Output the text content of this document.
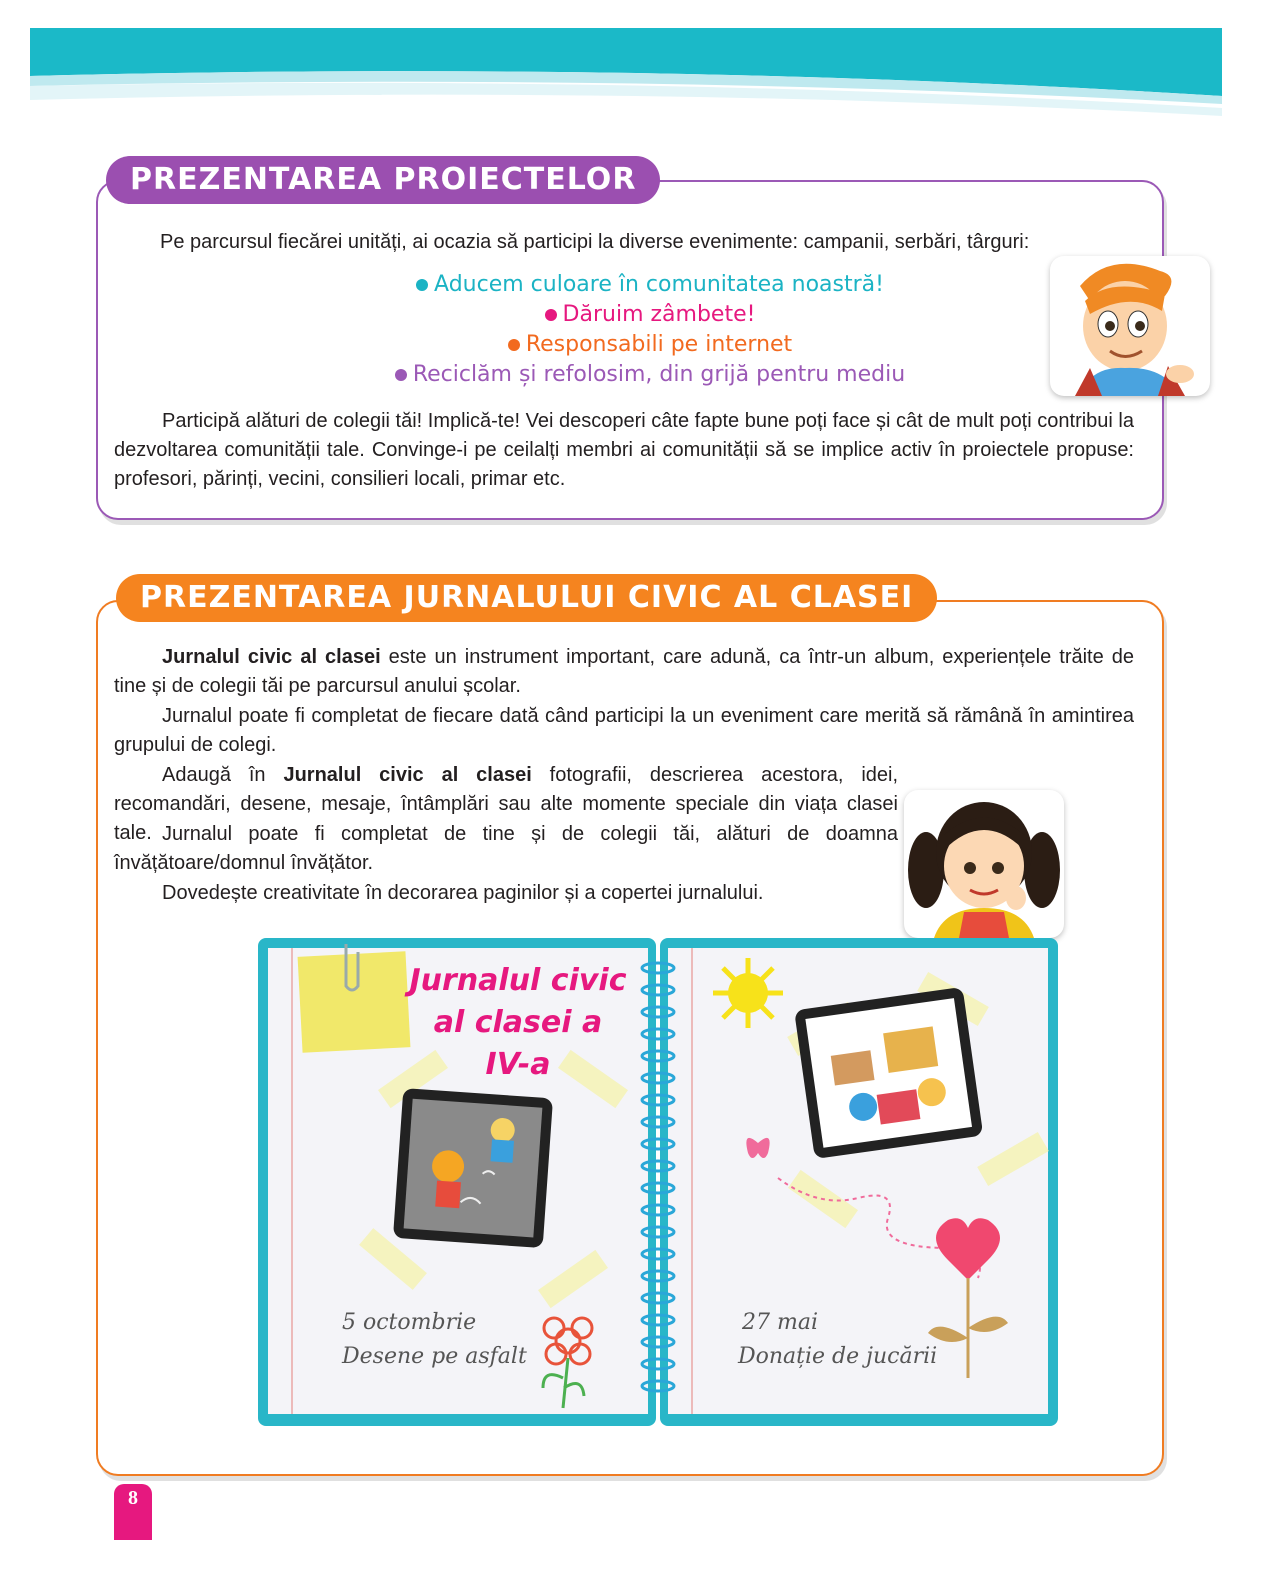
PREZENTAREA PROIECTELOR

Pe parcursul fiecărei unități, ai ocazia să participi la diverse evenimente: campanii, serbări, târguri:

Aducem culoare în comunitatea noastră!
Dăruim zâmbete!
Responsabili pe internet
Reciclăm și refolosim, din grijă pentru mediu

Participă alături de colegii tăi! Implică-te! Vei descoperi câte fapte bune poți face și cât de mult poți contribui la dezvoltarea comunității tale. Convinge-i pe ceilalți membri ai comunității să se implice activ în proiectele propuse: profesori, părinți, vecini, consilieri locali, primar etc.

PREZENTAREA JURNALULUI CIVIC AL CLASEI

Jurnalul civic al clasei este un instrument important, care adună, ca într-un album, experiențele trăite de tine și de colegii tăi pe parcursul anului școlar.

Jurnalul poate fi completat de fiecare dată când participi la un eveniment care merită să rămână în amintirea grupului de colegi.

Adaugă în Jurnalul civic al clasei fotografii, descrierea acestora, idei, recomandări, desene, mesaje, întâmplări sau alte momente speciale din viața clasei tale. Jurnalul poate fi completat de tine și de colegii tăi, alături de doamna învățătoare/domnul învățător.

Dovedește creativitate în decorarea paginilor și a copertei jurnalului.

Jurnalul civic
al clasei a IV-a
5 octombrie
Desene pe asfalt
27 mai
Donație de jucării
8
